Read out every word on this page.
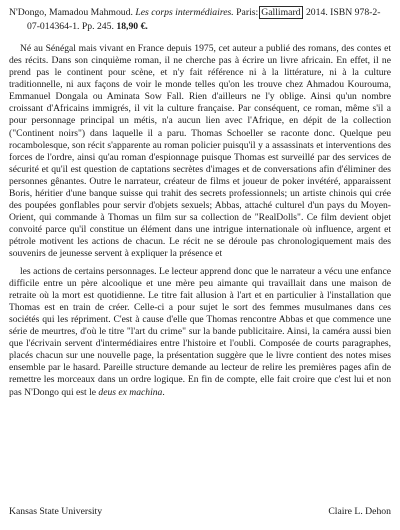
N'Dongo, Mamadou Mahmoud. Les corps intermédiaires. Paris: Gallimard 2014. ISBN 978-2-07-014364-1. Pp. 245. 18,90 €.

Né au Sénégal mais vivant en France depuis 1975, cet auteur a publié des romans, des contes et des récits. Dans son cinquième roman, il ne cherche pas à écrire un livre africain. En effet, il ne prend pas le continent pour scène, et n'y fait référence ni à la littérature, ni à la culture traditionnelle, ni aux façons de voir le monde telles qu'on les trouve chez Ahmadou Kourouma, Emmanuel Dongala ou Aminata Sow Fall. Rien d'ailleurs ne l'y oblige. Ainsi qu'un nombre croissant d'Africains immigrés, il vit la culture française. Par conséquent, ce roman, même s'il a pour personnage principal un métis, n'a aucun lien avec l'Afrique, en dépit de la collection ("Continent noirs") dans laquelle il a paru. Thomas Schoeller se raconte donc. Quelque peu rocambolesque, son récit s'apparente au roman policier puisqu'il y a assassinats et interventions des forces de l'ordre, ainsi qu'au roman d'espionnage puisque Thomas est surveillé par des services de sécurité et qu'il est question de captations secrètes d'images et de conversations afin d'éliminer des personnes gênantes. Outre le narrateur, créateur de films et joueur de poker invétéré, apparaissent Boris, héritier d'une banque suisse qui trahit des secrets professionnels; un artiste chinois qui crée des poupées gonflables pour servir d'objets sexuels; Abbas, attaché culturel d'un pays du Moyen-Orient, qui commande à Thomas un film sur sa collection de "RealDolls". Ce film devient objet convoité parce qu'il constitue un élément dans une intrigue internationale où influence, argent et pétrole motivent les actions de chacun. Le récit ne se déroule pas chronologiquement mais des souvenirs de jeunesse servent à expliquer la présence et

les actions de certains personnages. Le lecteur apprend donc que le narrateur a vécu une enfance difficile entre un père alcoolique et une mère peu aimante qui travaillait dans une maison de retraite où la mort est quotidienne. Le titre fait allusion à l'art et en particulier à l'installation que Thomas est en train de créer. Celle-ci a pour sujet le sort des femmes musulmanes dans ces sociétés qui les répriment. C'est à cause d'elle que Thomas rencontre Abbas et que commence une série de meurtres, d'où le titre "l'art du crime" sur la bande publicitaire. Ainsi, la caméra aussi bien que l'écrivain servent d'intermédiaires entre l'histoire et l'oubli. Composée de courts paragraphes, placés chacun sur une nouvelle page, la présentation suggère que le livre contient des notes mises ensemble par le hasard. Pareille structure demande au lecteur de relire les premières pages afin de remettre les morceaux dans un ordre logique. En fin de compte, elle fait croire que c'est lui et non pas N'Dongo qui est le deus ex machina.

Kansas State University	Claire L. Dehon
